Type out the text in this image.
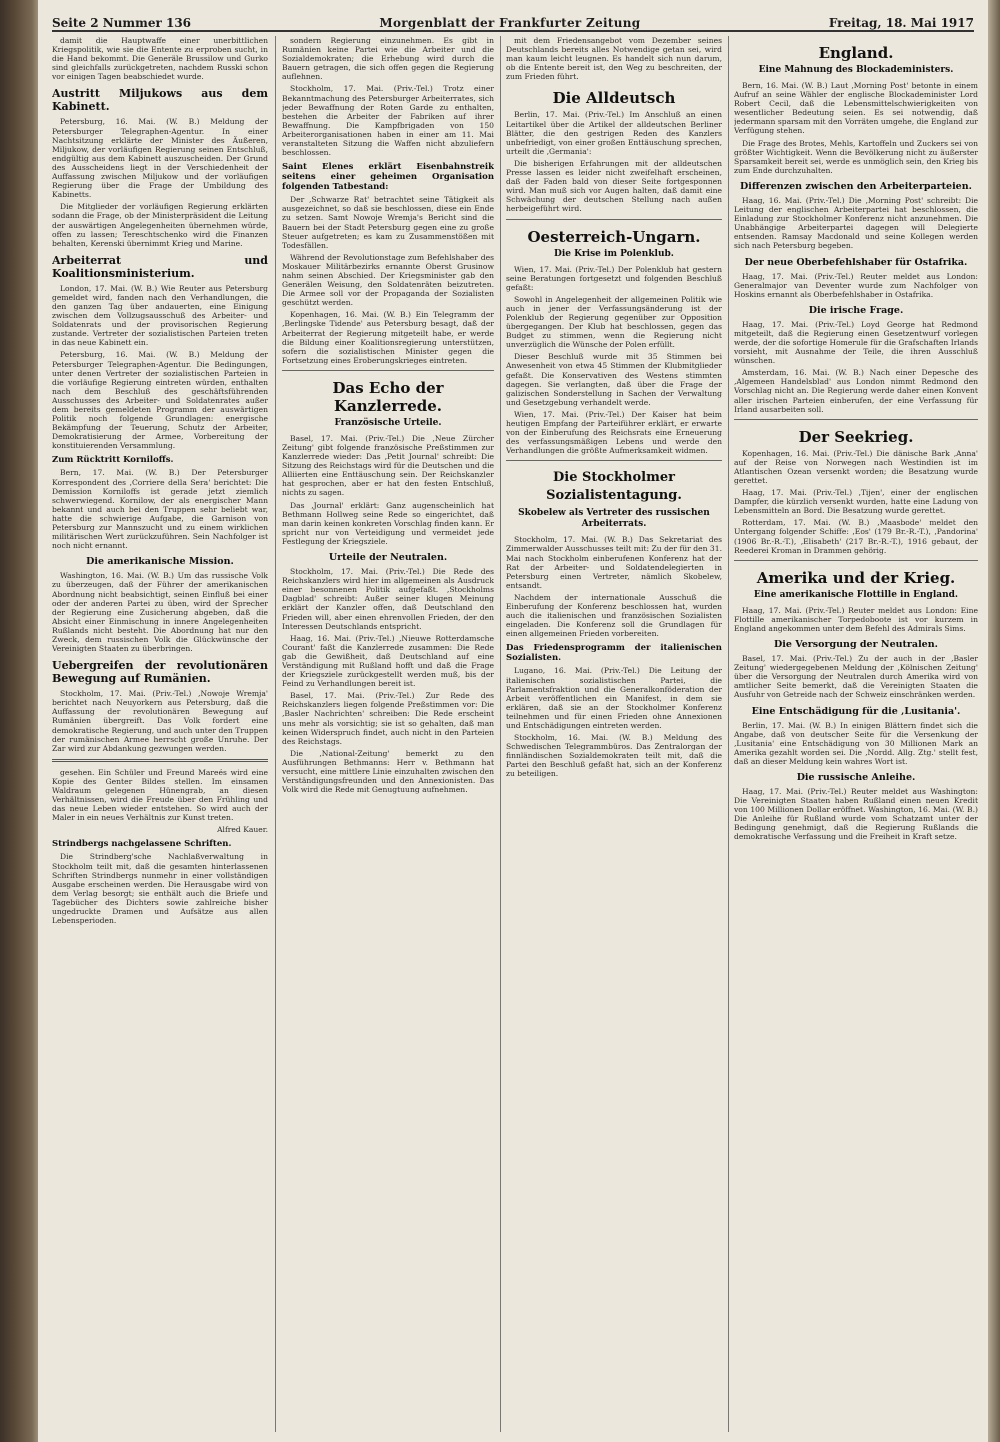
Seite 2 Nummer 136	Morgenblatt der Frankfurter Zeitung	Freitag, 18. Mai 1917

damit die Hauptwaffe einer unerbittlichen Kriegspolitik, wie sie die Entente zu erproben sucht, in die Hand bekommt. Die Generäle Brussilow und Gurko sind gleichfalls zurückgetreten, nachdem Russki schon vor einigen Tagen beabschiedet wurde.

Austritt Miljukows aus dem Kabinett.

Petersburg, 16. Mai. (W. B.) Meldung der Petersburger Telegraphen-Agentur. In einer Nachtsitzung erklärte der Minister des Äußeren, Miljukow, der vorläufigen Regierung seinen Entschluß, endgültig aus dem Kabinett auszuscheiden. Der Grund des Ausscheidens liegt in der Verschiedenheit der Auffassung zwischen Miljukow und der vorläufigen Regierung über die Frage der Umbildung des Kabinetts.

Die Mitglieder der vorläufigen Regierung erklärten sodann die Frage, ob der Ministerpräsident die Leitung der auswärtigen Angelegenheiten übernehmen würde, offen zu lassen; Tereschtschenko wird die Finanzen behalten, Kerenski übernimmt Krieg und Marine.

Arbeiterrat und Koalitionsministerium.

London, 17. Mai. (W. B.) Wie Reuter aus Petersburg gemeldet wird, fanden nach den Verhandlungen, die den ganzen Tag über andauerten, eine Einigung zwischen dem Vollzugsausschuß des Arbeiter- und Soldatenrats und der provisorischen Regierung zustande. Vertreter der sozialistischen Parteien treten in das neue Kabinett ein.

Petersburg, 16. Mai. (W. B.) Meldung der Petersburger Telegraphen-Agentur. Die Bedingungen, unter denen Vertreter der sozialistischen Parteien in die vorläufige Regierung eintreten würden, enthalten nach dem Beschluß des geschäftsführenden Ausschusses des Arbeiter- und Soldatenrates außer dem bereits gemeldeten Programm der auswärtigen Politik noch folgende Grundlagen: energische Bekämpfung der Teuerung, Schutz der Arbeiter, Demokratisierung der Armee, Vorbereitung der konstituierenden Versammlung.

Zum Rücktritt Korniloffs.

Bern, 17. Mai. (W. B.) Der Petersburger Korrespondent des ‚Corriere della Sera' berichtet: Die Demission Korniloffs ist gerade jetzt ziemlich schwerwiegend. Kornilow, der als energischer Mann bekannt und auch bei den Truppen sehr beliebt war, hatte die schwierige Aufgabe, die Garnison von Petersburg zur Mannszucht und zu einem wirklichen militärischen Wert zurückzuführen. Sein Nachfolger ist noch nicht ernannt.

Die amerikanische Mission.

Washington, 16. Mai. (W. B.) Um das russische Volk zu überzeugen, daß der Führer der amerikanischen Abordnung nicht beabsichtigt, seinen Einfluß bei einer oder der anderen Partei zu üben, wird der Sprecher der Regierung eine Zusicherung abgeben, daß die Absicht einer Einmischung in innere Angelegenheiten Rußlands nicht besteht. Die Abordnung hat nur den Zweck, dem russischen Volk die Glückwünsche der Vereinigten Staaten zu überbringen.

Uebergreifen der revolutionären Bewegung auf Rumänien.

Stockholm, 17. Mai. (Priv.-Tel.) ‚Nowoje Wremja' berichtet nach Neuyorkern aus Petersburg, daß die Auffassung der revolutionären Bewegung auf Rumänien übergreift. Das Volk fordert eine demokratische Regierung, und auch unter den Truppen der rumänischen Armee herrscht große Unruhe. Der Zar wird zur Abdankung gezwungen werden.

gesehen. Ein Schüler und Freund Mareés wird eine Kopie des Genter Bildes stellen. Im einsamen Waldraum gelegenen Hünengrab, an diesen Verhältnissen, wird die Freude über den Frühling und das neue Leben wieder entstehen. So wird auch der Maler in ein neues Verhältnis zur Kunst treten.

Alfred Kauer.

Strindbergs nachgelassene Schriften.

Die Strindberg'sche Nachlaßverwaltung in Stockholm teilt mit, daß die gesamten hinterlassenen Schriften Strindbergs nunmehr in einer vollständigen Ausgabe erscheinen werden. Die Herausgabe wird von dem Verlag besorgt; sie enthält auch die Briefe und Tagebücher des Dichters sowie zahlreiche bisher ungedruckte Dramen und Aufsätze aus allen Lebensperioden.

sondern Regierung einzunehmen. Es gibt in Rumänien keine Partei wie die Arbeiter und die Sozialdemokraten; die Erhebung wird durch die Bauern getragen, die sich offen gegen die Regierung auflehnen.

Stockholm, 17. Mai. (Priv.-Tel.) Trotz einer Bekanntmachung des Petersburger Arbeiterrates, sich jeder Bewaffnung der Roten Garde zu enthalten, bestehen die Arbeiter der Fabriken auf ihrer Bewaffnung. Die Kampfbrigaden von 150 Arbeiterorganisationen haben in einer am 11. Mai veranstalteten Sitzung die Waffen nicht abzuliefern beschlossen.

Saint Elenes erklärt Eisenbahnstreik seitens einer geheimen Organisation folgenden Tatbestand:

Der ‚Schwarze Rat' betrachtet seine Tätigkeit als ausgezeichnet, so daß sie beschlossen, diese ein Ende zu setzen. Samt Nowoje Wremja's Bericht sind die Bauern bei der Stadt Petersburg gegen eine zu große Steuer aufgetreten; es kam zu Zusammenstößen mit Todesfällen.

Während der Revolutionstage zum Befehlshaber des Moskauer Militärbezirks ernannte Oberst Grusinow nahm seinen Abschied. Der Kriegsminister gab den Generälen Weisung, den Soldatenräten beizutreten. Die Armee soll vor der Propaganda der Sozialisten geschützt werden.

Kopenhagen, 16. Mai. (W. B.) Ein Telegramm der ‚Berlingske Tidende' aus Petersburg besagt, daß der Arbeiterrat der Regierung mitgeteilt habe, er werde die Bildung einer Koalitionsregierung unterstützen, sofern die sozialistischen Minister gegen die Fortsetzung eines Eroberungskrieges eintreten.

Das Echo der Kanzlerrede.
Französische Urteile.

Basel, 17. Mai. (Priv.-Tel.) Die ‚Neue Zürcher Zeitung' gibt folgende französische Preßstimmen zur Kanzlerrede wieder: Das ‚Petit Journal' schreibt: Die Sitzung des Reichstags wird für die Deutschen und die Alliierten eine Enttäuschung sein. Der Reichskanzler hat gesprochen, aber er hat den festen Entschluß, nichts zu sagen.

Das ‚Journal' erklärt: Ganz augenscheinlich hat Bethmann Hollweg seine Rede so eingerichtet, daß man darin keinen konkreten Vorschlag finden kann. Er spricht nur von Verteidigung und vermeidet jede Festlegung der Kriegsziele.

Urteile der Neutralen.

Stockholm, 17. Mai. (Priv.-Tel.) Die Rede des Reichskanzlers wird hier im allgemeinen als Ausdruck einer besonnenen Politik aufgefaßt. ‚Stockholms Dagblad' schreibt: Außer seiner klugen Meinung erklärt der Kanzler offen, daß Deutschland den Frieden will, aber einen ehrenvollen Frieden, der den Interessen Deutschlands entspricht.

Haag, 16. Mai. (Priv.-Tel.) ‚Nieuwe Rotterdamsche Courant' faßt die Kanzlerrede zusammen: Die Rede gab die Gewißheit, daß Deutschland auf eine Verständigung mit Rußland hofft und daß die Frage der Kriegsziele zurückgestellt werden muß, bis der Feind zu Verhandlungen bereit ist.

Basel, 17. Mai. (Priv.-Tel.) Zur Rede des Reichskanzlers liegen folgende Preßstimmen vor: Die ‚Basler Nachrichten' schreiben: Die Rede erscheint uns mehr als vorsichtig; sie ist so gehalten, daß man keinen Widerspruch findet, auch nicht in den Parteien des Reichstags.

Die ‚National-Zeitung' bemerkt zu den Ausführungen Bethmanns: Herr v. Bethmann hat versucht, eine mittlere Linie einzuhalten zwischen den Verständigungsfreunden und den Annexionisten. Das Volk wird die Rede mit Genugtuung aufnehmen.

mit dem Friedensangebot vom Dezember seines Deutschlands bereits alles Notwendige getan sei, wird man kaum leicht leugnen. Es handelt sich nun darum, ob die Entente bereit ist, den Weg zu beschreiten, der zum Frieden führt.

Die Alldeutsch

Berlin, 17. Mai. (Priv.-Tel.) Im Anschluß an einen Leitartikel über die Artikel der alldeutschen Berliner Blätter, die den gestrigen Reden des Kanzlers unbefriedigt, von einer großen Enttäuschung sprechen, urteilt die ‚Germania':

Die bisherigen Erfahrungen mit der alldeutschen Presse lassen es leider nicht zweifelhaft erscheinen, daß der Faden bald von dieser Seite fortgesponnen wird. Man muß sich vor Augen halten, daß damit eine Schwächung der deutschen Stellung nach außen herbeigeführt wird.

Oesterreich-Ungarn.
Die Krise im Polenklub.

Wien, 17. Mai. (Priv.-Tel.) Der Polenklub hat gestern seine Beratungen fortgesetzt und folgenden Beschluß gefaßt:

Sowohl in Angelegenheit der allgemeinen Politik wie auch in jener der Verfassungsänderung ist der Polenklub der Regierung gegenüber zur Opposition übergegangen. Der Klub hat beschlossen, gegen das Budget zu stimmen, wenn die Regierung nicht unverzüglich die Wünsche der Polen erfüllt.

Dieser Beschluß wurde mit 35 Stimmen bei Anwesenheit von etwa 45 Stimmen der Klubmitglieder gefaßt. Die Konservativen des Westens stimmten dagegen. Sie verlangten, daß über die Frage der galizischen Sonderstellung in Sachen der Verwaltung und Gesetzgebung verhandelt werde.

Wien, 17. Mai. (Priv.-Tel.) Der Kaiser hat beim heutigen Empfang der Parteiführer erklärt, er erwarte von der Einberufung des Reichsrats eine Erneuerung des verfassungsmäßigen Lebens und werde den Verhandlungen die größte Aufmerksamkeit widmen.

Die Stockholmer Sozialistentagung.
Skobelew als Vertreter des russischen Arbeiterrats.

Stockholm, 17. Mai. (W. B.) Das Sekretariat des Zimmerwalder Ausschusses teilt mit: Zu der für den 31. Mai nach Stockholm einberufenen Konferenz hat der Rat der Arbeiter- und Soldatendelegierten in Petersburg einen Vertreter, nämlich Skobelew, entsandt.

Nachdem der internationale Ausschuß die Einberufung der Konferenz beschlossen hat, wurden auch die italienischen und französischen Sozialisten eingeladen. Die Konferenz soll die Grundlagen für einen allgemeinen Frieden vorbereiten.

Das Friedensprogramm der italienischen Sozialisten.

Lugano, 16. Mai. (Priv.-Tel.) Die Leitung der italienischen sozialistischen Partei, die Parlamentsfraktion und die Generalkonföderation der Arbeit veröffentlichen ein Manifest, in dem sie erklären, daß sie an der Stockholmer Konferenz teilnehmen und für einen Frieden ohne Annexionen und Entschädigungen eintreten werden.

Stockholm, 16. Mai. (W. B.) Meldung des Schwedischen Telegrammbüros. Das Zentralorgan der finnländischen Sozialdemokraten teilt mit, daß die Partei den Beschluß gefaßt hat, sich an der Konferenz zu beteiligen.

England.
Eine Mahnung des Blockadeministers.

Bern, 16. Mai. (W. B.) Laut ‚Morning Post' betonte in einem Aufruf an seine Wähler der englische Blockademinister Lord Robert Cecil, daß die Lebensmittelschwierigkeiten von wesentlicher Bedeutung seien. Es sei notwendig, daß jedermann sparsam mit den Vorräten umgehe, die England zur Verfügung stehen.

Die Frage des Brotes, Mehls, Kartoffeln und Zuckers sei von größter Wichtigkeit. Wenn die Bevölkerung nicht zu äußerster Sparsamkeit bereit sei, werde es unmöglich sein, den Krieg bis zum Ende durchzuhalten.

Differenzen zwischen den Arbeiterparteien.

Haag, 16. Mai. (Priv.-Tel.) Die ‚Morning Post' schreibt: Die Leitung der englischen Arbeiterpartei hat beschlossen, die Einladung zur Stockholmer Konferenz nicht anzunehmen. Die Unabhängige Arbeiterpartei dagegen will Delegierte entsenden. Ramsay Macdonald und seine Kollegen werden sich nach Petersburg begeben.

Der neue Oberbefehlshaber für Ostafrika.

Haag, 17. Mai. (Priv.-Tel.) Reuter meldet aus London: Generalmajor van Deventer wurde zum Nachfolger von Hoskins ernannt als Oberbefehlshaber in Ostafrika.

Die irische Frage.

Haag, 17. Mai. (Priv.-Tel.) Loyd George hat Redmond mitgeteilt, daß die Regierung einen Gesetzentwurf vorlegen werde, der die sofortige Homerule für die Grafschaften Irlands vorsieht, mit Ausnahme der Teile, die ihren Ausschluß wünschen.

Amsterdam, 16. Mai. (W. B.) Nach einer Depesche des ‚Algemeen Handelsblad' aus London nimmt Redmond den Vorschlag nicht an. Die Regierung werde daher einen Konvent aller irischen Parteien einberufen, der eine Verfassung für Irland ausarbeiten soll.

Der Seekrieg.

Kopenhagen, 16. Mai. (Priv.-Tel.) Die dänische Bark ‚Anna' auf der Reise von Norwegen nach Westindien ist im Atlantischen Ozean versenkt worden; die Besatzung wurde gerettet.

Haag, 17. Mai. (Priv.-Tel.) ‚Tijen', einer der englischen Dampfer, die kürzlich versenkt wurden, hatte eine Ladung von Lebensmitteln an Bord. Die Besatzung wurde gerettet.

Rotterdam, 17. Mai. (W. B.) ‚Maasbode' meldet den Untergang folgender Schiffe: ‚Eos' (179 Br.-R.-T.), ‚Pandorina' (1906 Br.-R.-T.), ‚Elisabeth' (217 Br.-R.-T.), 1916 gebaut, der Reederei Kroman in Drammen gehörig.

Amerika und der Krieg.
Eine amerikanische Flottille in England.

Haag, 17. Mai. (Priv.-Tel.) Reuter meldet aus London: Eine Flottille amerikanischer Torpedoboote ist vor kurzem in England angekommen unter dem Befehl des Admirals Sims.

Die Versorgung der Neutralen.

Basel, 17. Mai. (Priv.-Tel.) Zu der auch in der ‚Basler Zeitung' wiedergegebenen Meldung der ‚Kölnischen Zeitung' über die Versorgung der Neutralen durch Amerika wird von amtlicher Seite bemerkt, daß die Vereinigten Staaten die Ausfuhr von Getreide nach der Schweiz einschränken werden.

Eine Entschädigung für die ‚Lusitania'.

Berlin, 17. Mai. (W. B.) In einigen Blättern findet sich die Angabe, daß von deutscher Seite für die Versenkung der ‚Lusitania' eine Entschädigung von 30 Millionen Mark an Amerika gezahlt worden sei. Die ‚Nordd. Allg. Ztg.' stellt fest, daß an dieser Meldung kein wahres Wort ist.

Die russische Anleihe.

Haag, 17. Mai. (Priv.-Tel.) Reuter meldet aus Washington: Die Vereinigten Staaten haben Rußland einen neuen Kredit von 100 Millionen Dollar eröffnet. Washington, 16. Mai. (W. B.) Die Anleihe für Rußland wurde vom Schatzamt unter der Bedingung genehmigt, daß die Regierung Rußlands die demokratische Verfassung und die Freiheit in Kraft setze.
